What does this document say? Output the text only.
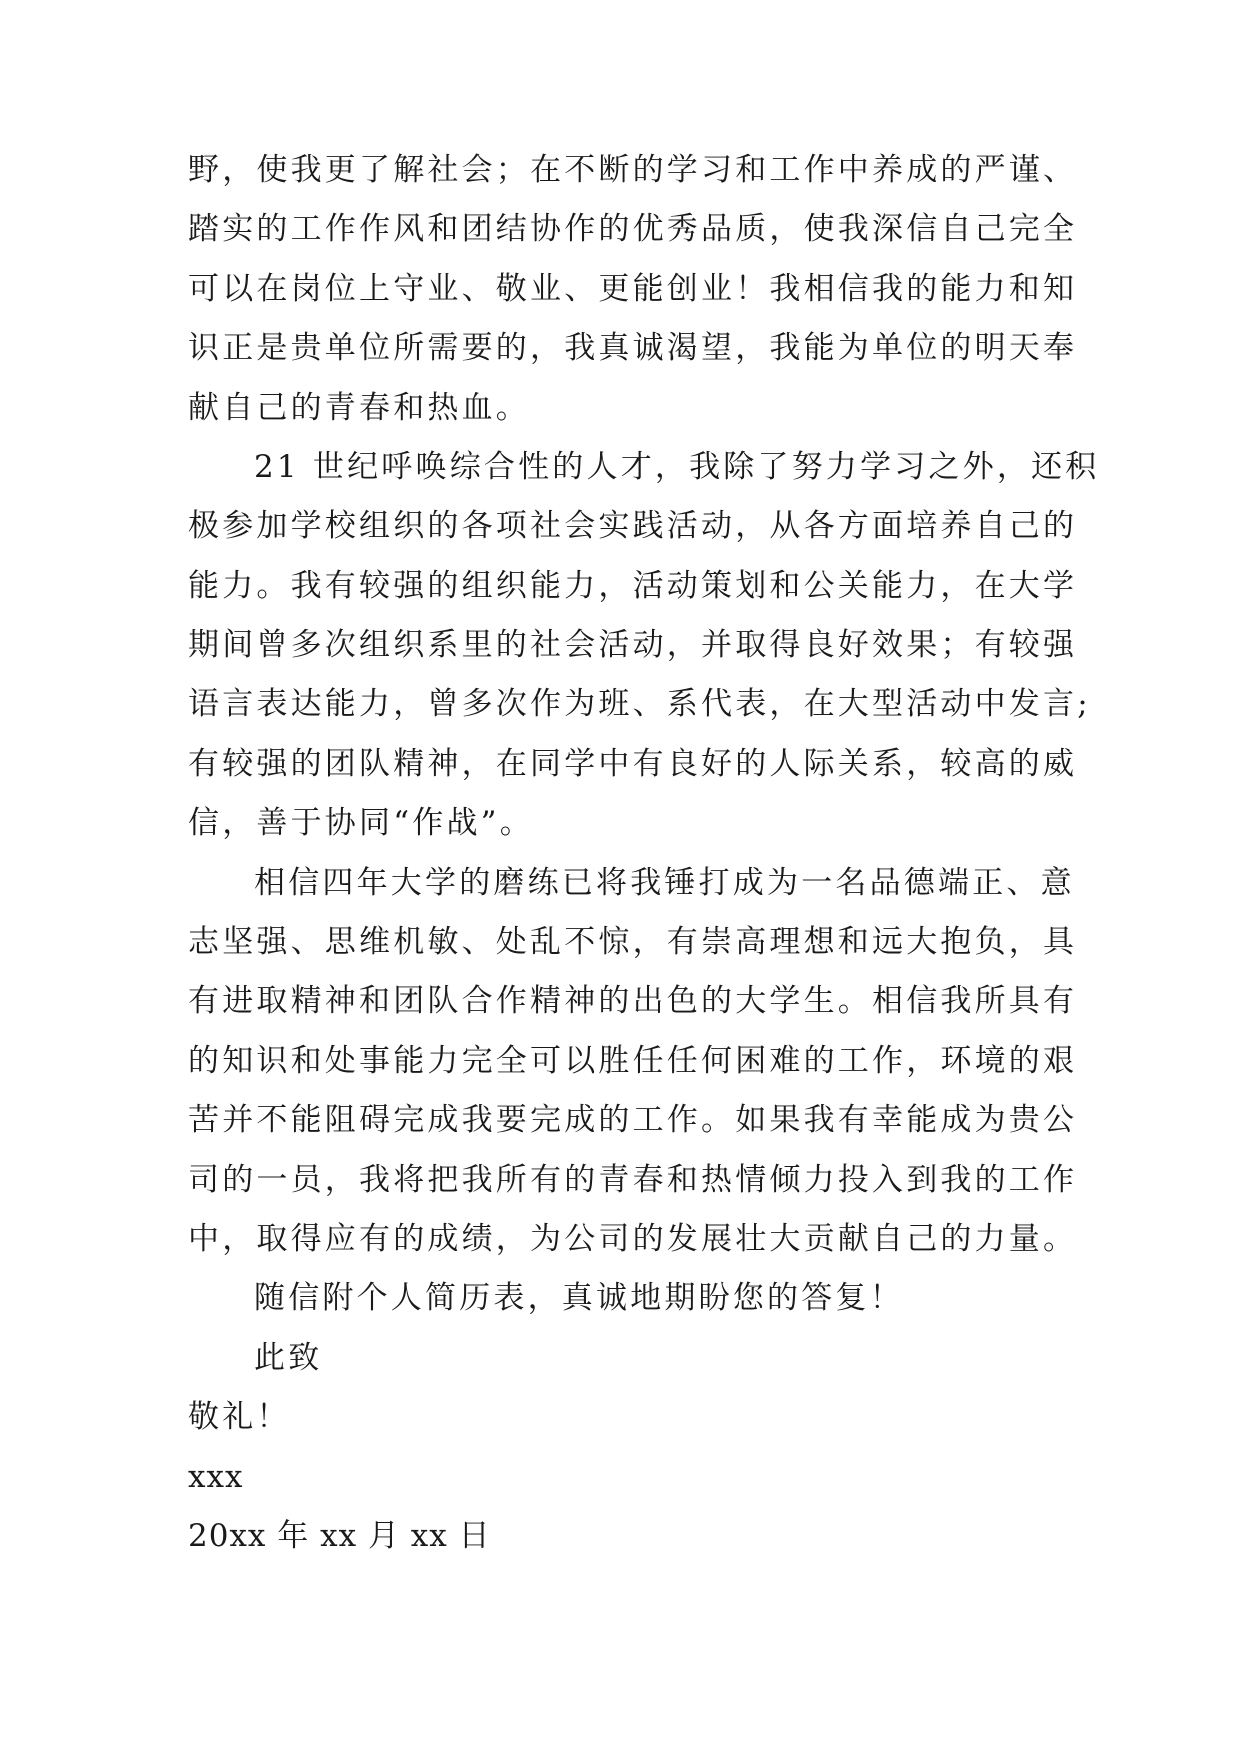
野，使我更了解社会；在不断的学习和工作中养成的严谨、
踏实的工作作风和团结协作的优秀品质，使我深信自己完全
可以在岗位上守业、敬业、更能创业！我相信我的能力和知
识正是贵单位所需要的，我真诚渴望，我能为单位的明天奉
献自己的青春和热血。
21 世纪呼唤综合性的人才，我除了努力学习之外，还积
极参加学校组织的各项社会实践活动，从各方面培养自己的
能力。我有较强的组织能力，活动策划和公关能力，在大学
期间曾多次组织系里的社会活动，并取得良好效果；有较强
语言表达能力，曾多次作为班、系代表，在大型活动中发言;
有较强的团队精神，在同学中有良好的人际关系，较高的威
信，善于协同“作战”。
相信四年大学的磨练已将我锤打成为一名品德端正、意
志坚强、思维机敏、处乱不惊，有崇高理想和远大抱负，具
有进取精神和团队合作精神的出色的大学生。相信我所具有
的知识和处事能力完全可以胜任任何困难的工作，环境的艰
苦并不能阻碍完成我要完成的工作。如果我有幸能成为贵公
司的一员，我将把我所有的青春和热情倾力投入到我的工作
中，取得应有的成绩，为公司的发展壮大贡献自己的力量。
随信附个人简历表，真诚地期盼您的答复！
此致
敬礼！
xxx
20xx 年 xx 月 xx 日
